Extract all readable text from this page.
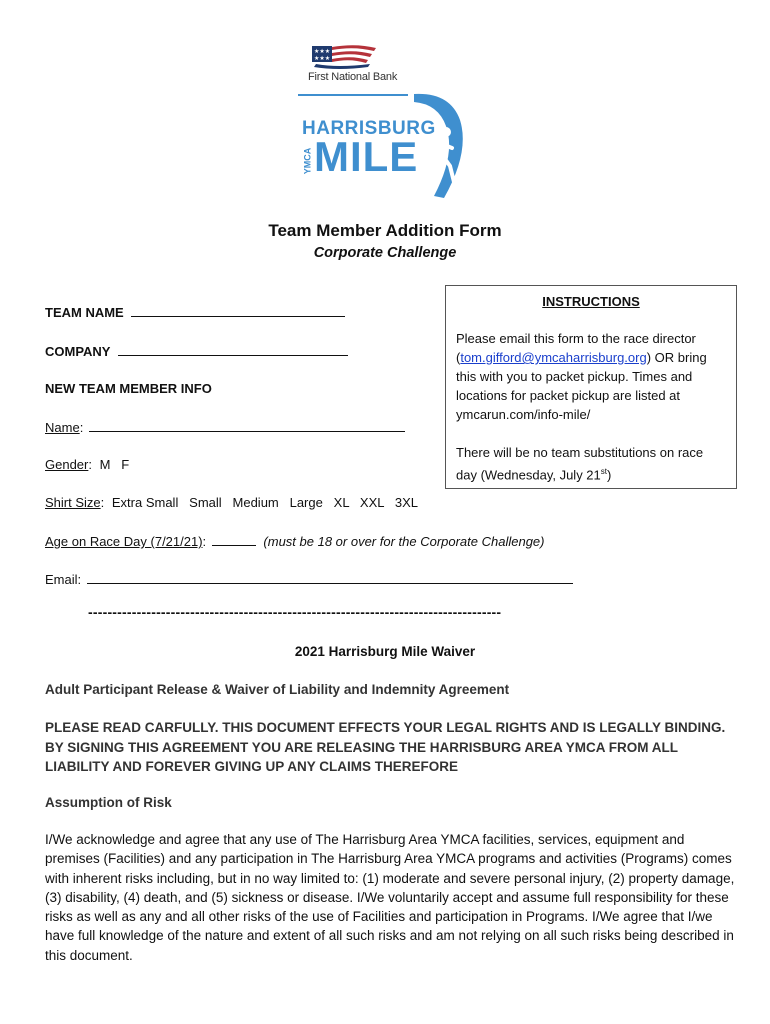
★★★
★★★
First National Bank
HARRISBURG
YMCA MILE
Team Member Addition Form
Corporate Challenge
TEAM NAME
COMPANY
NEW TEAM MEMBER INFO
Name:
Gender: M   F
Shirt Size: Extra Small   Small   Medium   Large   XL   XXL   3XL
Age on Race Day (7/21/21):	(must be 18 or over for the Corporate Challenge)
Email:
INSTRUCTIONS
Please email this form to the race director (tom.gifford@ymcaharrisburg.org) OR bring this with you to packet pickup. Times and locations for packet pickup are listed at ymcarun.com/info-mile/
There will be no team substitutions on race day (Wednesday, July 21st)
-------------------------------------------------------------------------------------
2021 Harrisburg Mile Waiver
Adult Participant Release & Waiver of Liability and Indemnity Agreement
PLEASE READ CARFULLY. THIS DOCUMENT EFFECTS YOUR LEGAL RIGHTS AND IS LEGALLY BINDING. BY SIGNING THIS AGREEMENT YOU ARE RELEASING THE HARRISBURG AREA YMCA FROM ALL LIABILITY AND FOREVER GIVING UP ANY CLAIMS THEREFORE
Assumption of Risk
I/We acknowledge and agree that any use of The Harrisburg Area YMCA facilities, services, equipment and premises (Facilities) and any participation in The Harrisburg Area YMCA programs and activities (Programs) comes with inherent risks including, but in no way limited to: (1) moderate and severe personal injury, (2) property damage, (3) disability, (4) death, and (5) sickness or disease. I/We voluntarily accept and assume full responsibility for these risks as well as any and all other risks of the use of Facilities and participation in Programs. I/We agree that I/we have full knowledge of the nature and extent of all such risks and am not relying on all such risks being described in this document.
